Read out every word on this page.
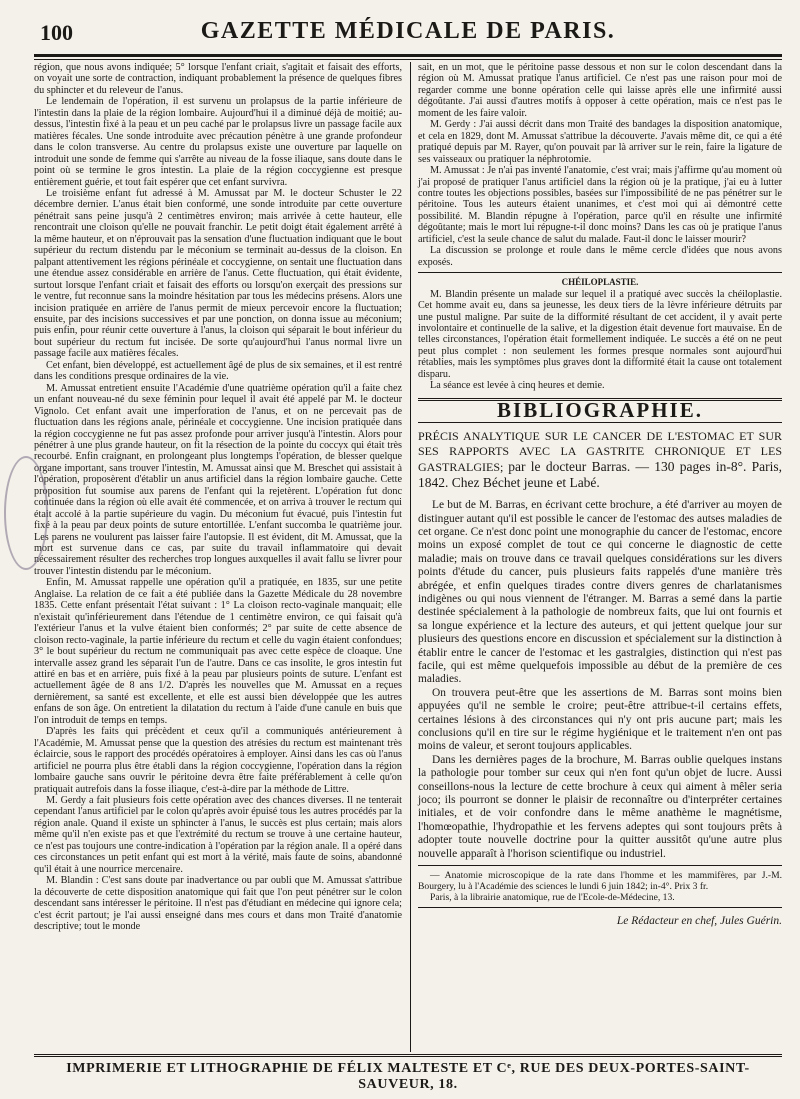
100	GAZETTE MÉDICALE DE PARIS.

région, que nous avons indiquée; 5° lorsque l'enfant criait, s'agitait et faisait des efforts, on voyait une sorte de contraction, indiquant probablement la présence de quelques fibres du sphincter et du releveur de l'anus.

Le lendemain de l'opération, il est survenu un prolapsus de la partie inférieure de l'intestin dans la plaie de la région lombaire. Aujourd'hui il a diminué déjà de moitié; au-dessus, l'intestin fixé à la peau et un peu caché par le prolapsus livre un passage facile aux matières fécales. Une sonde introduite avec précaution pénètre à une grande profondeur dans le colon transverse. Au centre du prolapsus existe une ouverture par laquelle on introduit une sonde de femme qui s'arrête au niveau de la fosse iliaque, sans doute dans le point où se termine le gros intestin. La plaie de la région coccygienne est presque entièrement guérie, et tout fait espérer que cet enfant survivra.

Le troisième enfant fut adressé à M. Amussat par M. le docteur Schuster le 22 décembre dernier. L'anus était bien conformé, une sonde introduite par cette ouverture pénétrait sans peine jusqu'à 2 centimètres environ; mais arrivée à cette hauteur, elle rencontrait une cloison qu'elle ne pouvait franchir. Le petit doigt était également arrêté à la même hauteur, et on n'éprouvait pas la sensation d'une fluctuation indiquant que le bout supérieur du rectum distendu par le méconium se terminait au-dessus de la cloison. En palpant attentivement les régions périnéale et coccygienne, on sentait une fluctuation dans une étendue assez considérable en arrière de l'anus. Cette fluctuation, qui était évidente, surtout lorsque l'enfant criait et faisait des efforts ou lorsqu'on exerçait des pressions sur le ventre, fut reconnue sans la moindre hésitation par tous les médecins présens. Alors une incision pratiquée en arrière de l'anus permit de mieux percevoir encore la fluctuation; ensuite, par des incisions successives et par une ponction, on donna issue au méconium; puis enfin, pour réunir cette ouverture à l'anus, la cloison qui séparait le bout inférieur du bout supérieur du rectum fut incisée. De sorte qu'aujourd'hui l'anus normal livre un passage facile aux matières fécales.

Cet enfant, bien développé, est actuellement âgé de plus de six semaines, et il est rentré dans les conditions presque ordinaires de la vie.

M. Amussat entretient ensuite l'Académie d'une quatrième opération qu'il a faite chez un enfant nouveau-né du sexe féminin pour lequel il avait été appelé par M. le docteur Vignolo. Cet enfant avait une imperforation de l'anus, et on ne percevait pas de fluctuation dans les régions anale, périnéale et coccygienne. Une incision pratiquée dans la région coccygienne ne fut pas assez profonde pour arriver jusqu'à l'intestin. Alors pour pénétrer à une plus grande hauteur, on fit la résection de la pointe du coccyx qui était très recourbé. Enfin craignant, en prolongeant plus longtemps l'opération, de blesser quelque organe important, sans trouver l'intestin, M. Amussat ainsi que M. Breschet qui assistait à l'opération, proposèrent d'établir un anus artificiel dans la région lombaire gauche. Cette proposition fut soumise aux parens de l'enfant qui la rejetèrent. L'opération fut donc continuée dans la région où elle avait été commencée, et on arriva à trouver le rectum qui était accolé à la partie supérieure du vagin. Du méconium fut évacué, puis l'intestin fut fixé à la peau par deux points de suture entortillée. L'enfant succomba le quatrième jour. Les parens ne voulurent pas laisser faire l'autopsie. Il est évident, dit M. Amussat, que la mort est survenue dans ce cas, par suite du travail inflammatoire qui devait nécessairement résulter des recherches trop longues auxquelles il avait fallu se livrer pour trouver l'intestin distendu par le méconium.

Enfin, M. Amussat rappelle une opération qu'il a pratiquée, en 1835, sur une petite Anglaise. La relation de ce fait a été publiée dans la Gazette Médicale du 28 novembre 1835. Cette enfant présentait l'état suivant : 1° La cloison recto-vaginale manquait; elle n'existait qu'inférieurement dans l'étendue de 1 centimètre environ, ce qui faisait qu'à l'extérieur l'anus et la vulve étaient bien conformés; 2° par suite de cette absence de cloison recto-vaginale, la partie inférieure du rectum et celle du vagin étaient confondues; 3° le bout supérieur du rectum ne communiquait pas avec cette espèce de cloaque. Une intervalle assez grand les séparait l'un de l'autre. Dans ce cas insolite, le gros intestin fut attiré en bas et en arrière, puis fixé à la peau par plusieurs points de suture. L'enfant est actuellement âgée de 8 ans 1/2. D'après les nouvelles que M. Amussat en a reçues dernièrement, sa santé est excellente, et elle est aussi bien développée que les autres enfans de son âge. On entretient la dilatation du rectum à l'aide d'une canule en buis que l'on introduit de temps en temps.

D'après les faits qui précèdent et ceux qu'il a communiqués antérieurement à l'Académie, M. Amussat pense que la question des atrésies du rectum est maintenant très éclaircie, sous le rapport des procédés opératoires à employer. Ainsi dans les cas où l'anus artificiel ne pourra plus être établi dans la région coccygienne, l'opération dans la région lombaire gauche sans ouvrir le péritoine devra être faite préférablement à celle qu'on pratiquait autrefois dans la fosse iliaque, c'est-à-dire par la méthode de Littre.

M. Gerdy a fait plusieurs fois cette opération avec des chances diverses. Il ne tenterait cependant l'anus artificiel par le colon qu'après avoir épuisé tous les autres procédés par la région anale. Quand il existe un sphincter à l'anus, le succès est plus certain; mais alors même qu'il n'en existe pas et que l'extrémité du rectum se trouve à une certaine hauteur, ce n'est pas toujours une contre-indication à l'opération par la région anale. Il a opéré dans ces circonstances un petit enfant qui est mort à la vérité, mais faute de soins, abandonné qu'il était à une nourrice mercenaire.

M. Blandin : C'est sans doute par inadvertance ou par oubli que M. Amussat s'attribue la découverte de cette disposition anatomique qui fait que l'on peut pénétrer sur le colon descendant sans intéresser le péritoine. Il n'est pas d'étudiant en médecine qui ignore cela; c'est écrit partout; je l'ai aussi enseigné dans mes cours et dans mon Traité d'anatomie descriptive; tout le monde

sait, en un mot, que le péritoine passe dessous et non sur le colon descendant dans la région où M. Amussat pratique l'anus artificiel. Ce n'est pas une raison pour moi de regarder comme une bonne opération celle qui laisse après elle une infirmité aussi dégoûtante. J'ai aussi d'autres motifs à opposer à cette opération, mais ce n'est pas le moment de les faire valoir.

M. Gerdy : J'ai aussi décrit dans mon Traité des bandages la disposition anatomique, et cela en 1829, dont M. Amussat s'attribue la découverte. J'avais même dit, ce qui a été pratiqué depuis par M. Rayer, qu'on pouvait par là arriver sur le rein, faire la ligature de ses vaisseaux ou pratiquer la néphrotomie.

M. Amussat : Je n'ai pas inventé l'anatomie, c'est vrai; mais j'affirme qu'au moment où j'ai proposé de pratiquer l'anus artificiel dans la région où je la pratique, j'ai eu à lutter contre toutes les objections possibles, basées sur l'impossibilité de ne pas pénétrer sur le péritoine. Tous les auteurs étaient unanimes, et c'est moi qui ai démontré cette possibilité. M. Blandin répugne à l'opération, parce qu'il en résulte une infirmité dégoûtante; mais le mort lui répugne-t-il donc moins? Dans les cas où je pratique l'anus artificiel, c'est la seule chance de salut du malade. Faut-il donc le laisser mourir?

La discussion se prolonge et roule dans le même cercle d'idées que nous avons exposés.

CHÉILOPLASTIE.

M. Blandin présente un malade sur lequel il a pratiqué avec succès la chéiloplastie. Cet homme avait eu, dans sa jeunesse, les deux tiers de la lèvre inférieure détruits par une pustul maligne. Par suite de la difformité résultant de cet accident, il y avait perte involontaire et continuelle de la salive, et la digestion était devenue fort mauvaise. En de telles circonstances, l'opération était formellement indiquée. Le succès a été on ne peut peut plus complet : non seulement les formes presque normales sont aujourd'hui rétablies, mais les symptômes plus graves dont la difformité était la cause ont totalement disparu.

La séance est levée à cinq heures et demie.

BIBLIOGRAPHIE.
PRÉCIS ANALYTIQUE SUR LE CANCER DE L'ESTOMAC ET SUR SES RAPPORTS AVEC LA GASTRITE CHRONIQUE ET LES GASTRALGIES; par le docteur Barras. — 130 pages in-8°. Paris, 1842. Chez Béchet jeune et Labé.

Le but de M. Barras, en écrivant cette brochure, a été d'arriver au moyen de distinguer autant qu'il est possible le cancer de l'estomac des autses maladies de cet organe. Ce n'est donc point une monographie du cancer de l'estomac, encore moins un exposé complet de tout ce qui concerne le diagnostic de cette maladie; mais on trouve dans ce travail quelques considérations sur les divers points d'étude du cancer, puis plusieurs faits rappelés d'une manière très abrégée, et enfin quelques tirades contre divers genres de charlatanismes indigènes ou qui nous viennent de l'étranger. M. Barras a semé dans la partie destinée spécialement à la pathologie de nombreux faits, que lui ont fournis et sa longue expérience et la lecture des auteurs, et qui jettent quelque jour sur plusieurs des questions encore en discussion et spécialement sur la distinction à établir entre le cancer de l'estomac et les gastralgies, distinction qui n'est pas facile, qui est même quelquefois impossible au début de la première de ces maladies.

On trouvera peut-être que les assertions de M. Barras sont moins bien appuyées qu'il ne semble le croire; peut-être attribue-t-il certains effets, certaines lésions à des circonstances qui n'y ont pris aucune part; mais les conclusions qu'il en tire sur le régime hygiénique et le traitement n'en ont pas moins de valeur, et seront toujours applicables.

Dans les dernières pages de la brochure, M. Barras oublie quelques instans la pathologie pour tomber sur ceux qui n'en font qu'un objet de lucre. Aussi conseillons-nous la lecture de cette brochure à ceux qui aiment à mêler seria joco; ils pourront se donner le plaisir de reconnaître ou d'interpréter certaines initiales, et de voir confondre dans le même anathème le magnétisme, l'homœopathie, l'hydropathie et les fervens adeptes qui sont toujours prêts à adopter toute nouvelle doctrine pour la quitter aussitôt qu'une autre plus nouvelle apparaît à l'horison scientifique ou industriel.

— Anatomie microscopique de la rate dans l'homme et les mammifères, par J.-M. Bourgery, lu à l'Académie des sciences le lundi 6 juin 1842; in-4°. Prix 3 fr.

Paris, à la librairie anatomique, rue de l'Ecole-de-Médecine, 13.

Le Rédacteur en chef, Jules Guérin.
IMPRIMERIE ET LITHOGRAPHIE DE FÉLIX MALTESTE ET Cᵉ, RUE DES DEUX-PORTES-SAINT-SAUVEUR, 18.
